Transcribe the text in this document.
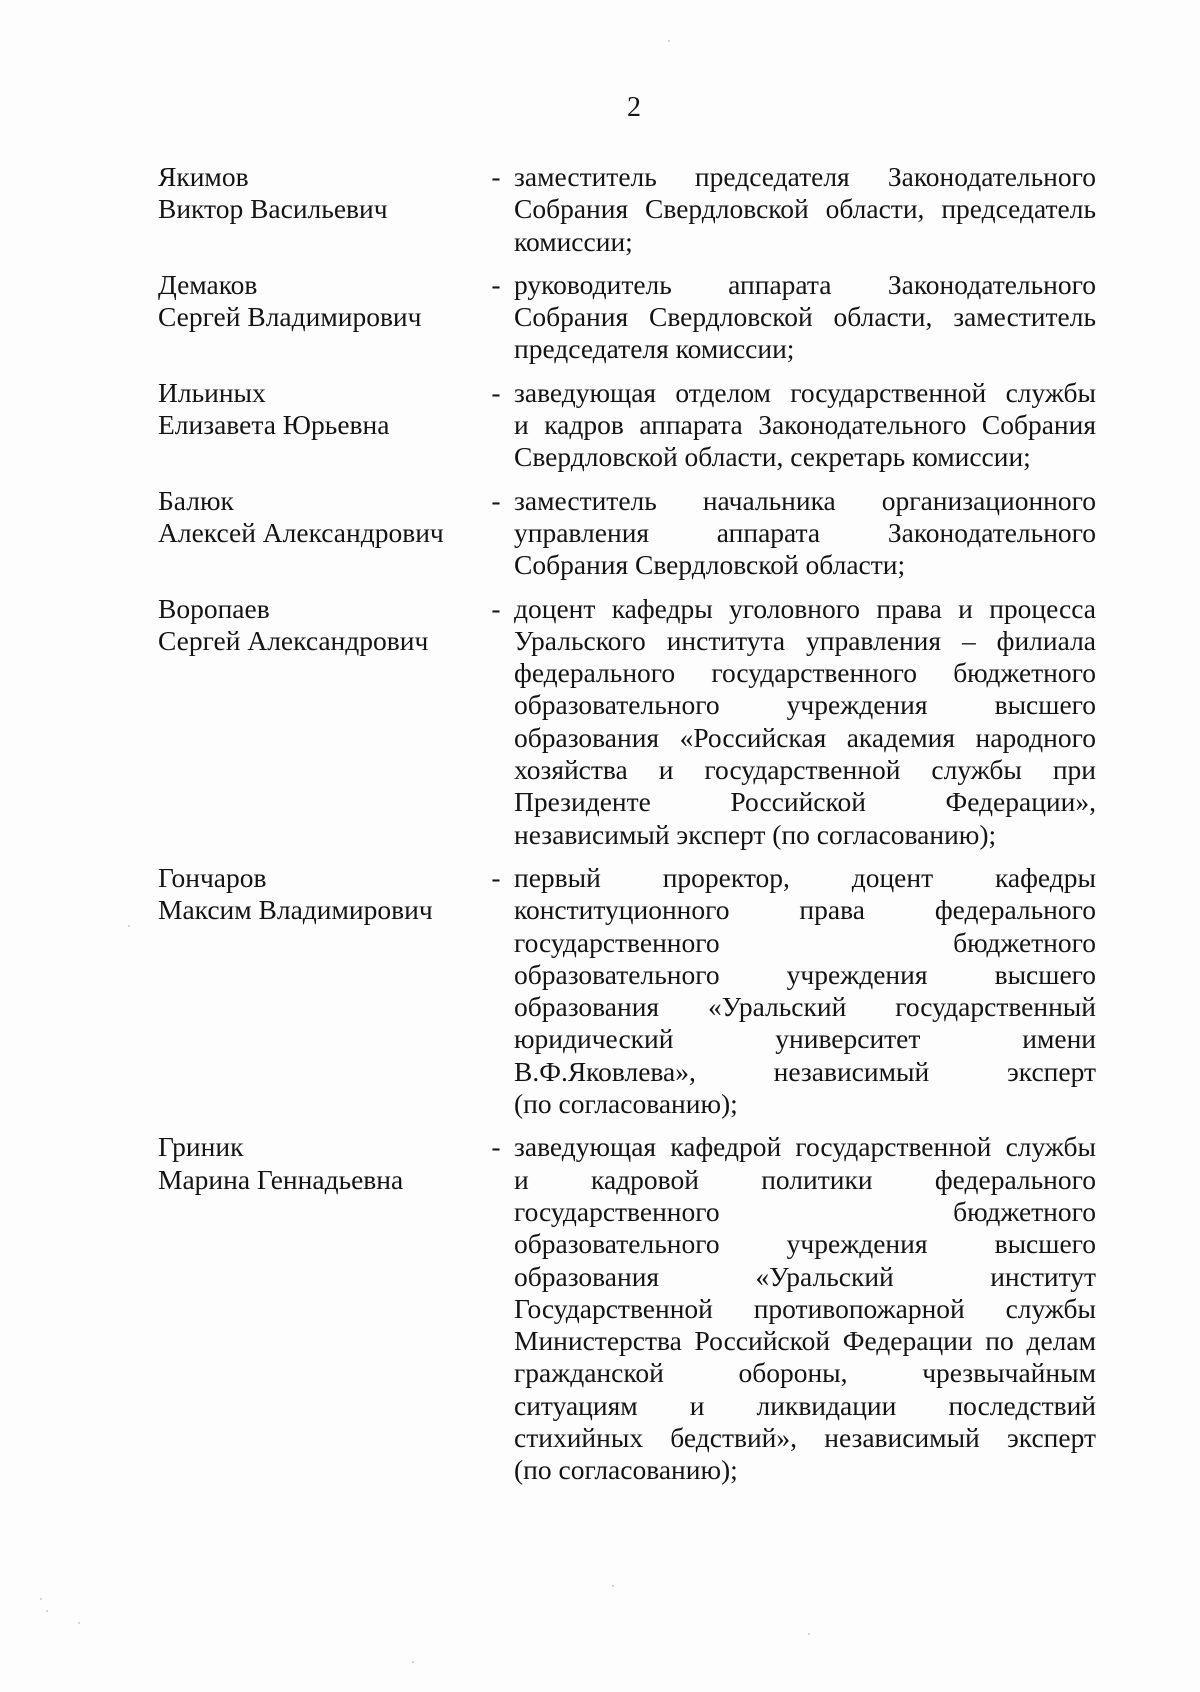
2
Якимов
Виктор Васильевич
- заместитель председателя Законодательного
Собрания Свердловской области, председатель
комиссии;
Демаков
Сергей Владимирович
- руководитель аппарата Законодательного
Собрания Свердловской области, заместитель
председателя комиссии;
Ильиных
Елизавета Юрьевна
- заведующая отделом государственной службы
и кадров аппарата Законодательного Собрания
Свердловской области, секретарь комиссии;
Балюк
Алексей Александрович
- заместитель начальника организационного
управления аппарата Законодательного
Собрания Свердловской области;
Воропаев
Сергей Александрович
- доцент кафедры уголовного права и процесса
Уральского института управления – филиала
федерального государственного бюджетного
образовательного учреждения высшего
образования «Российская академия народного
хозяйства и государственной службы при
Президенте Российской Федерации»,
независимый эксперт (по согласованию);
Гончаров
Максим Владимирович
- первый проректор, доцент кафедры
конституционного права федерального
государственного бюджетного
образовательного учреждения высшего
образования «Уральский государственный
юридический университет имени
В.Ф.Яковлева», независимый эксперт
(по согласованию);
Гриник
Марина Геннадьевна
- заведующая кафедрой государственной службы
и кадровой политики федерального
государственного бюджетного
образовательного учреждения высшего
образования «Уральский институт
Государственной противопожарной службы
Министерства Российской Федерации по делам
гражданской обороны, чрезвычайным
ситуациям и ликвидации последствий
стихийных бедствий», независимый эксперт
(по согласованию);
